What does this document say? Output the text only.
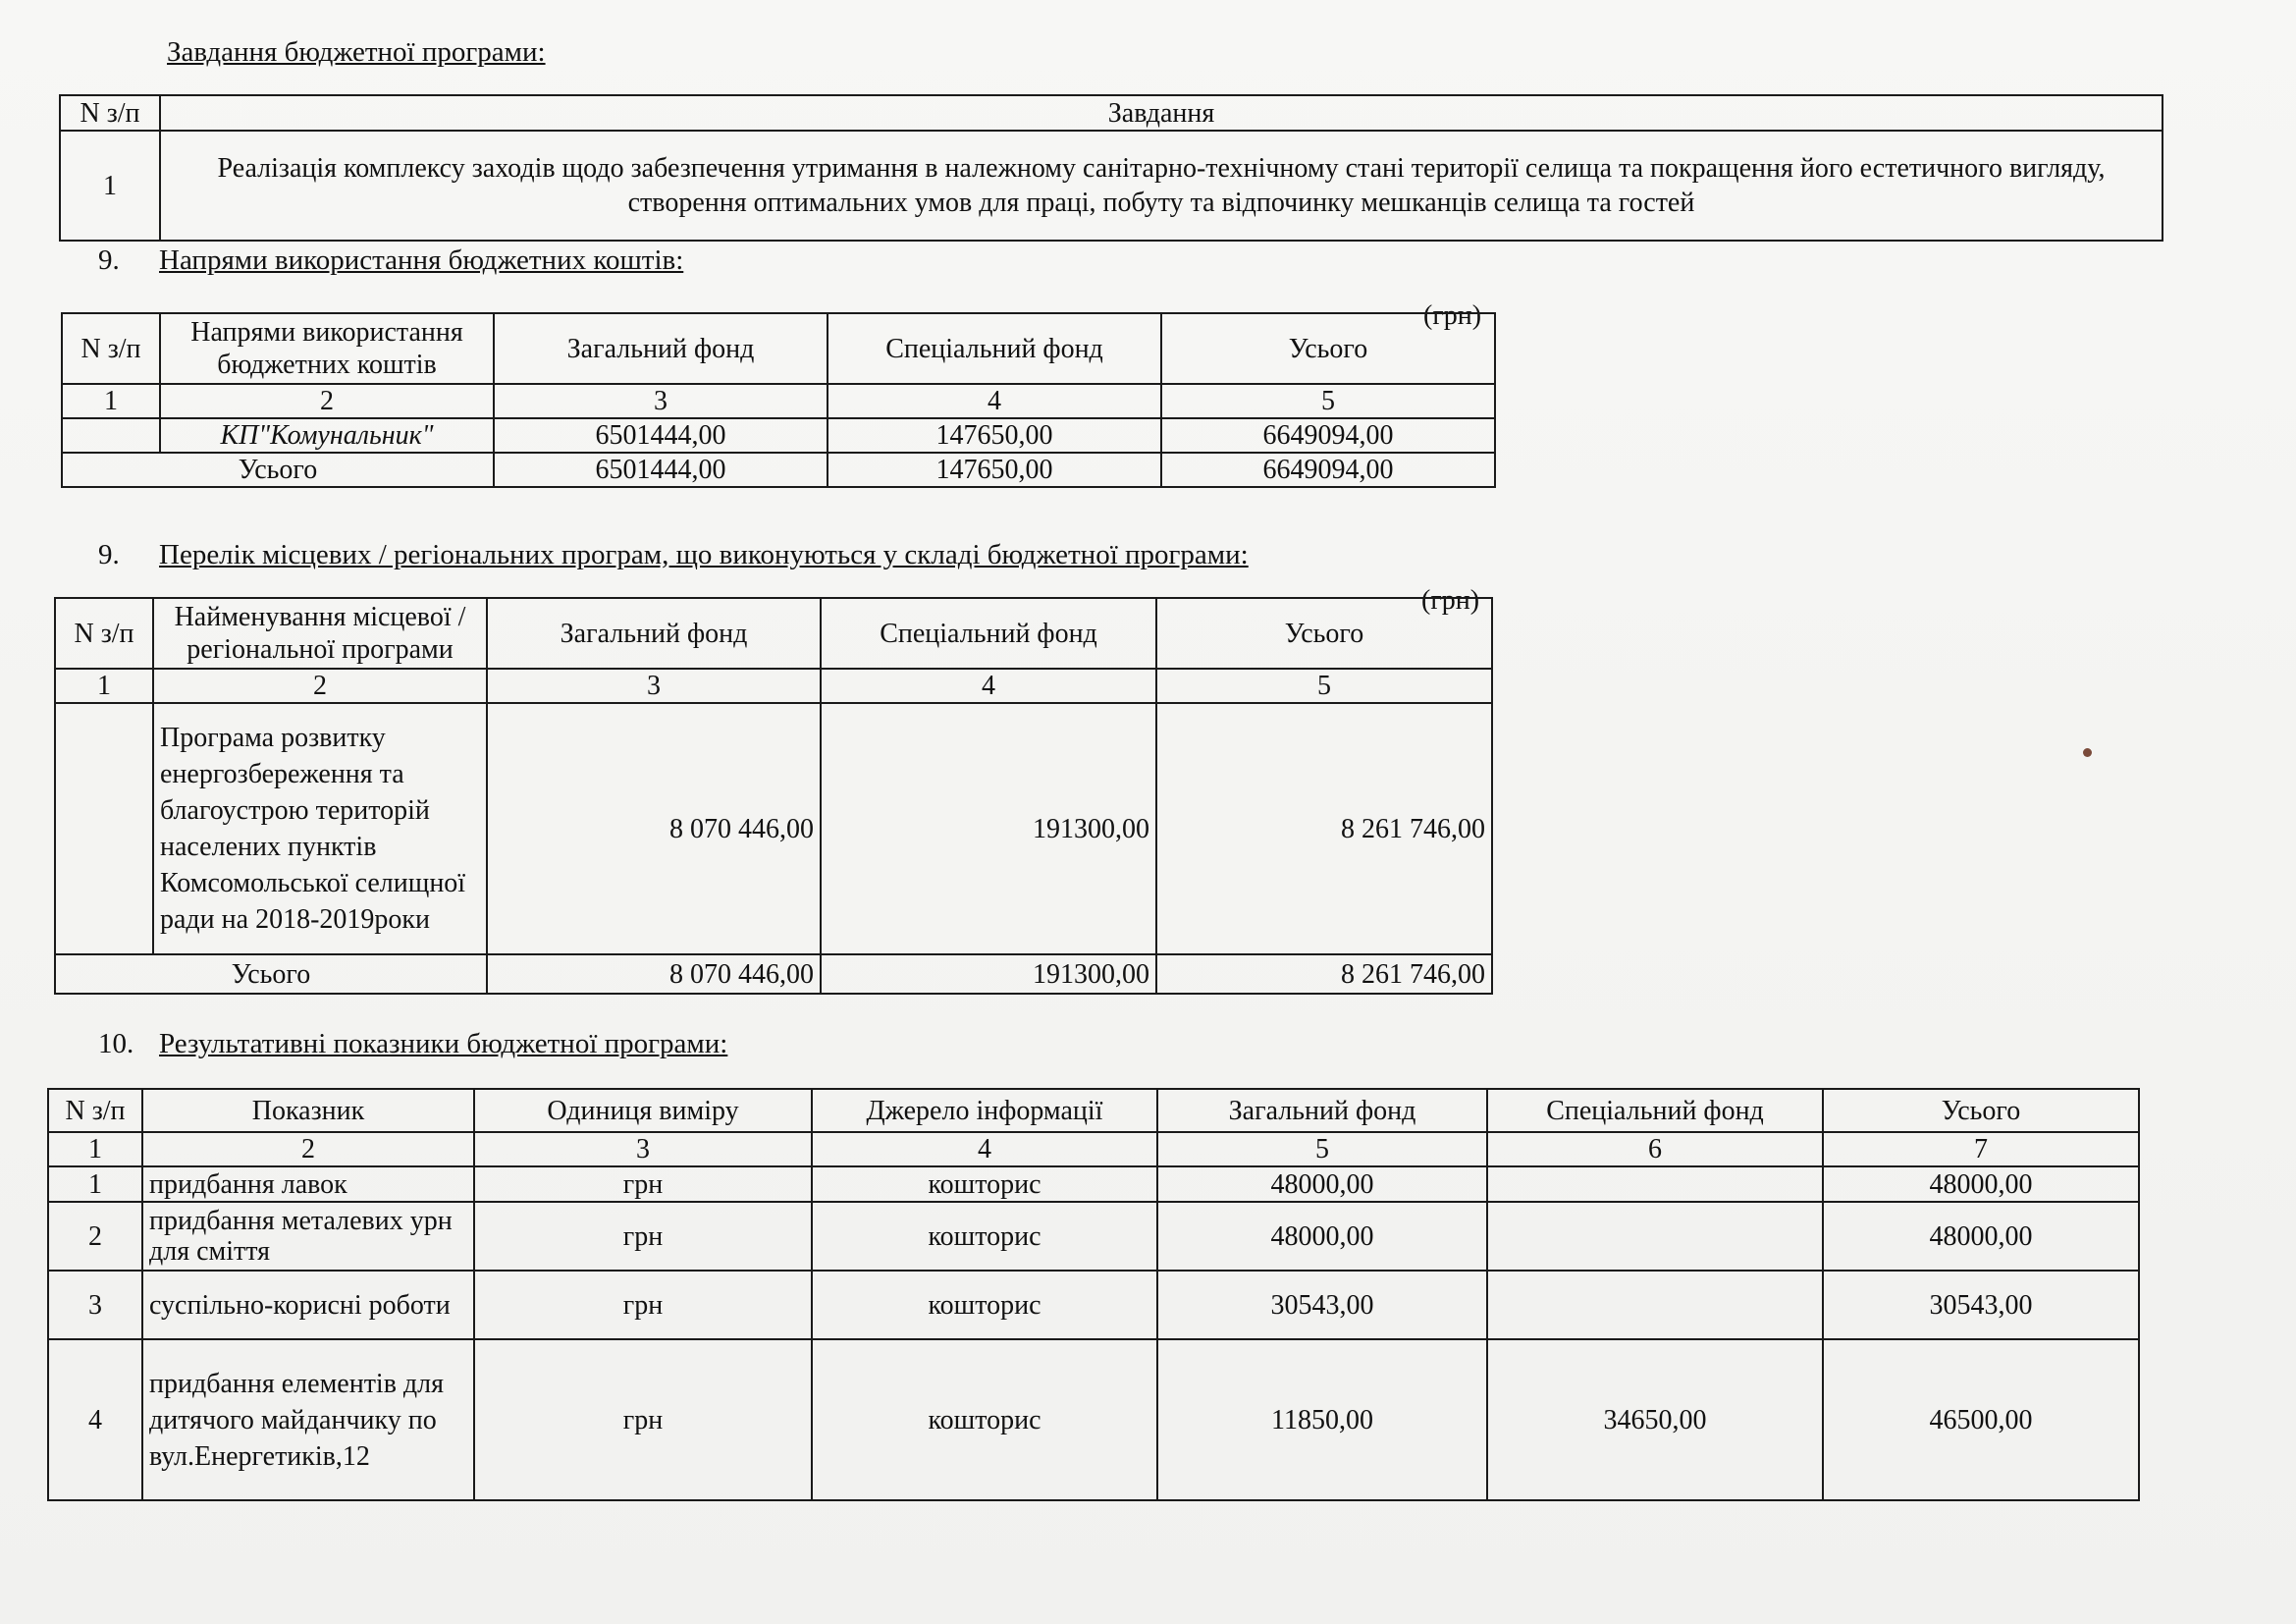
Завдання бюджетної програми:
N з/п	Завдання
1	Реалізація комплексу заходів щодо забезпечення утримання в належному санітарно-технічному стані території селища та покращення його естетичного вигляду, створення оптимальних умов для праці, побуту та відпочинку мешканців селища та гостей
9. Напрями використання бюджетних коштів:
(грн)
N з/п	Напрями використання бюджетних коштів	Загальний фонд	Спеціальний фонд	Усього
1	2	3	4	5
	КП"Комунальник"	6501444,00	147650,00	6649094,00
Усього		6501444,00	147650,00	6649094,00
9. Перелік місцевих / регіональних програм, що виконуються у складі бюджетної програми:
(грн)
N з/п	Найменування місцевої / регіональної програми	Загальний фонд	Спеціальний фонд	Усього
1	2	3	4	5
	Програма розвитку енергозбереження та благоустрою територій населених пунктів Комсомольської селищної ради на 2018-2019роки	8 070 446,00	191300,00	8 261 746,00
Усього		8 070 446,00	191300,00	8 261 746,00
10. Результативні показники бюджетної програми:
N з/п	Показник	Одиниця виміру	Джерело інформації	Загальний фонд	Спеціальний фонд	Усього
1	2	3	4	5	6	7
1	придбання лавок	грн	кошторис	48000,00		48000,00
2	придбання металевих урн для сміття	грн	кошторис	48000,00		48000,00
3	суспільно-корисні роботи	грн	кошторис	30543,00		30543,00
4	придбання елементів для дитячого майданчику по вул.Енергетиків,12	грн	кошторис	11850,00	34650,00	46500,00
